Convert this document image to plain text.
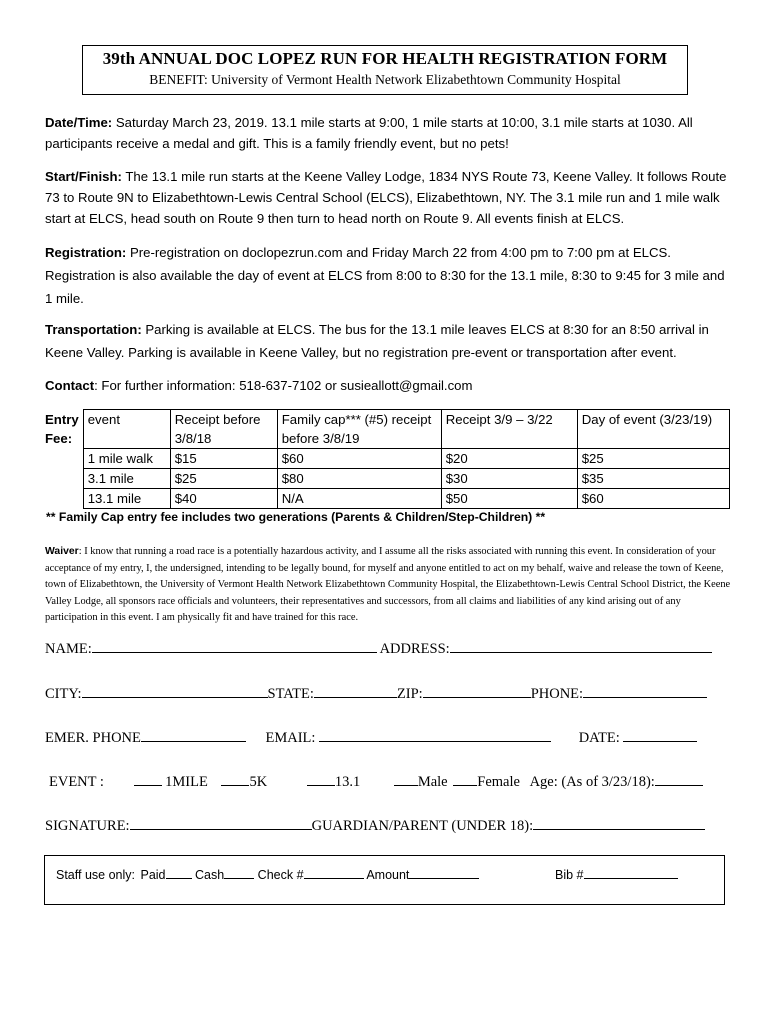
39th ANNUAL DOC LOPEZ RUN FOR HEALTH REGISTRATION FORM
BENEFIT: University of Vermont Health Network Elizabethtown Community Hospital
Date/Time: Saturday March 23, 2019. 13.1 mile starts at 9:00, 1 mile starts at 10:00, 3.1 mile starts at 1030. All participants receive a medal and gift. This is a family friendly event, but no pets!
Start/Finish: The 13.1 mile run starts at the Keene Valley Lodge, 1834 NYS Route 73, Keene Valley. It follows Route 73 to Route 9N to Elizabethtown-Lewis Central School (ELCS), Elizabethtown, NY. The 3.1 mile run and 1 mile walk start at ELCS, head south on Route 9 then turn to head north on Route 9. All events finish at ELCS.
Registration: Pre-registration on doclopezrun.com and Friday March 22 from 4:00 pm to 7:00 pm at ELCS. Registration is also available the day of event at ELCS from 8:00 to 8:30 for the 13.1 mile, 8:30 to 9:45 for 3 mile and 1 mile.
Transportation: Parking is available at ELCS. The bus for the 13.1 mile leaves ELCS at 8:30 for an 8:50 arrival in Keene Valley. Parking is available in Keene Valley, but no registration pre-event or transportation after event.
Contact: For further information: 518-637-7102 or susieallott@gmail.com
Entry
Fee:	event	Receipt before 3/8/18	Family cap*** (#5) receipt before 3/8/19	Receipt 3/9 – 3/22	Day of event (3/23/19)
	1 mile walk	$15	$60	$20	$25
	3.1 mile	$25	$80	$30	$35
	13.1 mile	$40	N/A	$50	$60
** Family Cap entry fee includes two generations (Parents & Children/Step-Children) **
Waiver: I know that running a road race is a potentially hazardous activity, and I assume all the risks associated with running this event. In consideration of your acceptance of my entry, I, the undersigned, intending to be legally bound, for myself and anyone entitled to act on my behalf, waive and release the town of Keene, town of Elizabethtown, the University of Vermont Health Network Elizabethtown Community Hospital, the Elizabethtown-Lewis Central School District, the Keene Valley Lodge, all sponsors race officials and volunteers, their representatives and successors, from all claims and liabilities of any kind arising out of any participation in this event. I am physically fit and have trained for this race.
NAME:	ADDRESS:
CITY:	STATE:	ZIP:	PHONE:
EMER. PHONE	EMAIL:	DATE:
EVENT :	1MILE	5K	13.1	Male Female Age: (As of 3/23/18):
SIGNATURE:	GUARDIAN/PARENT (UNDER 18):
Staff use only: Paid Cash	Check #	Amount	Bib #
